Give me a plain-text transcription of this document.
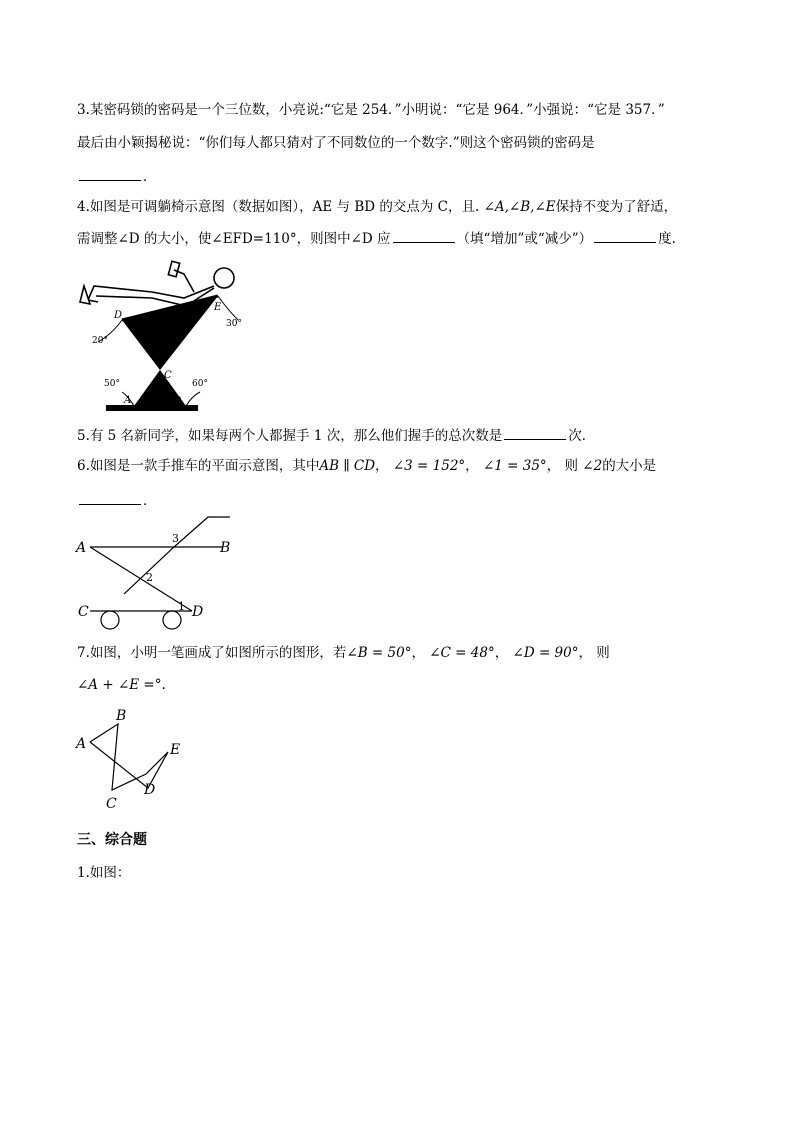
3.某密码锁的密码是一个三位数，小亮说:“它是 254．”小明说：“它是 964．”小强说：“它是 357．”
最后由小颖揭秘说：“你们每人都只猜对了不同数位的一个数字.”则这个密码锁的密码是
．
4.如图是可调躺椅示意图（数据如图），AE 与 BD 的交点为 C，且. ∠A,∠B,∠E保持不变为了舒适，
需调整∠D 的大小，使∠EFD=110°，则图中∠D 应	（填“增加”或“减少”）	度.
D
E
C
A	B
20°
30°
50°	60°
5.有 5 名新同学，如果每两个人都握手 1 次，那么他们握手的总次数是	次．
6.如图是一款手推车的平面示意图，其中AB ∥ CD， ∠3 = 152°， ∠1 = 35°， 则 ∠2的大小是
．
A	B
C	D
1
2
3
7.如图，小明一笔画成了如图所示的图形，若∠B = 50°， ∠C = 48°， ∠D = 90°， 则
∠A + ∠E =°.
A
B
C
D
E
三、综合题
1.如图：
